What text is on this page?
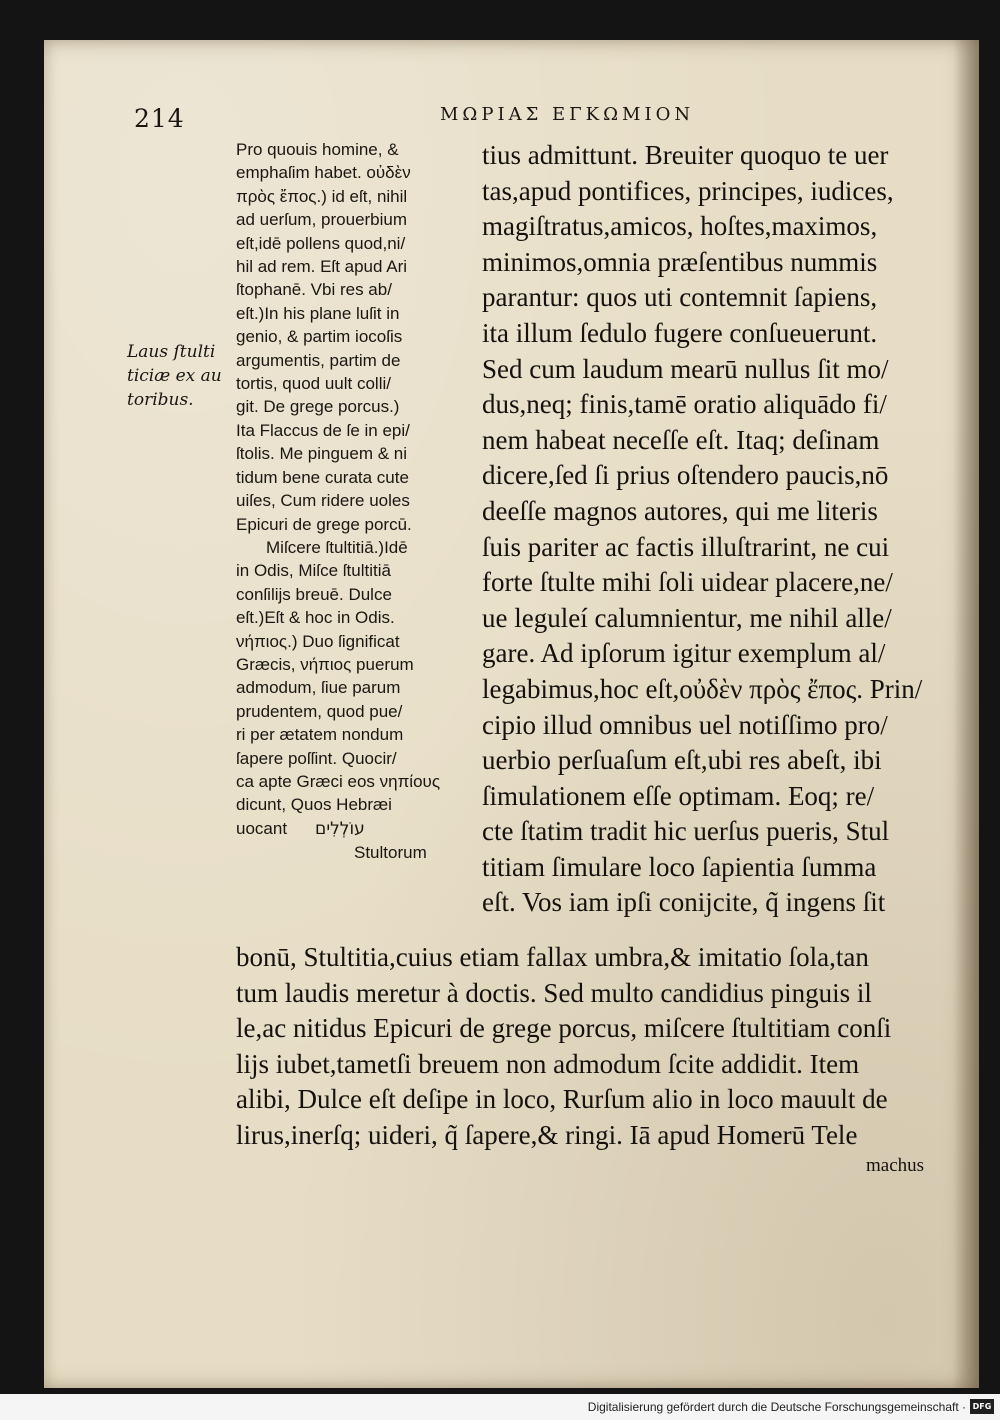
214	ΜΩΡΙΑΣ ΕΓΚΩΜΙΟΝ
Laus ſtulti
ticiæ ex au
toribus.
Pro quouis homine, &
emphaſim habet. οὐδὲν
πρὸς ἔπος.) id eſt, nihil
ad uerſum, prouerbium
eſt,idē pollens quod,ni/
hil ad rem. Eſt apud Ari
ſtophanē. Vbi res ab/
eſt.)In his plane luſit in
genio, & partim iocoſis
argumentis, partim de
tortis, quod uult colli/
git. De grege porcus.)
Ita Flaccus de ſe in epi/
ſtolis. Me pinguem & ni
tidum bene curata cute
uiſes, Cum ridere uoles
Epicuri de grege porcū.
Miſcere ſtultitiā.)Idē
in Odis, Miſce ſtultitiā
conſilijs breuē. Dulce
eſt.)Eſt & hoc in Odis.
νήπιος.) Duo ſignificat
Græcis, νήπιος puerum
admodum, ſiue parum
prudentem, quod pue/
ri per ætatem nondum
ſapere poſſint. Quocir/
ca apte Græci eos νηπίους
dicunt, Quos Hebræi
uocant עוֹלְלִים
Stultorum
tius admittunt. Breuiter quoquo te uer
tas,apud pontifices, principes, iudices,
magiſtratus,amicos, hoſtes,maximos,
minimos,omnia præſentibus nummis
parantur: quos uti contemnit ſapiens,
ita illum ſedulo fugere conſueuerunt.
Sed cum laudum mearū nullus ſit mo/
dus,neq; finis,tamē oratio aliquādo fi/
nem habeat neceſſe eſt. Itaq; deſinam
dicere,ſed ſi prius oſtendero paucis,nō
deeſſe magnos autores, qui me literis
ſuis pariter ac factis illuſtrarint, ne cui
forte ſtulte mihi ſoli uidear placere,ne/
ue leguleí calumnientur, me nihil alle/
gare. Ad ipſorum igitur exemplum al/
legabimus,hoc eſt,οὐδὲν πρὸς ἔπος. Prin/
cipio illud omnibus uel notiſſimo pro/
uerbio perſuaſum eſt,ubi res abeſt, ibi
ſimulationem eſſe optimam. Eoq; re/
cte ſtatim tradit hic uerſus pueris, Stul
titiam ſimulare loco ſapientia ſumma
eſt. Vos iam ipſi conijcite, q̃ ingens ſit
bonū, Stultitia,cuius etiam fallax umbra,& imitatio ſola,tan
tum laudis meretur à doctis. Sed multo candidius pinguis il
le,ac nitidus Epicuri de grege porcus, miſcere ſtultitiam conſi
lijs iubet,tametſi breuem non admodum ſcite addidit. Item
alibi, Dulce eſt deſipe in loco, Rurſum alio in loco mauult de
lirus,inerſq; uideri, q̃ ſapere,& ringi. Iā apud Homerū Tele
machus
Digitalisierung gefördert durch die Deutsche Forschungsgemeinschaft · DFG
